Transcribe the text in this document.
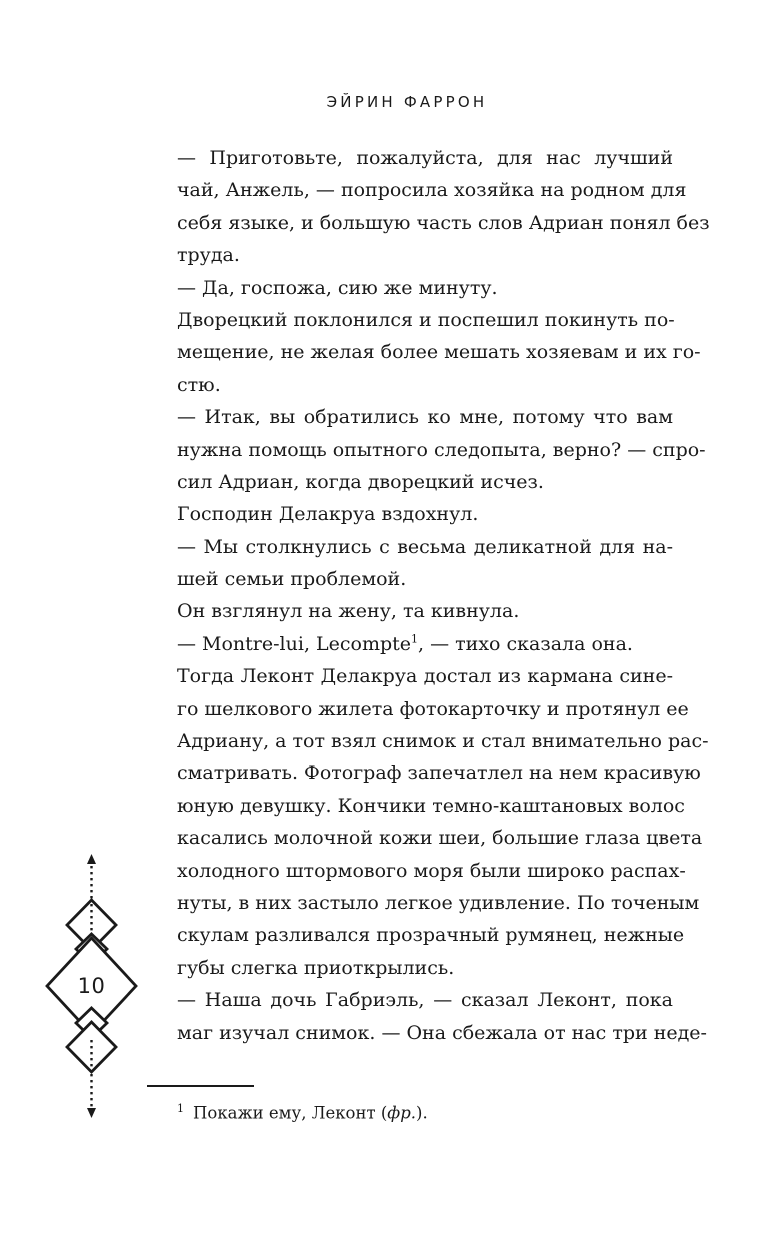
ЭЙРИН ФАРРОН
— Приготовьте, пожалуйста, для нас лучший
чай, Анжель, — попросила хозяйка на родном для
себя языке, и большую часть слов Адриан понял без
труда.
— Да, госпожа, сию же минуту.
Дворецкий поклонился и поспешил покинуть по-
мещение, не желая более мешать хозяевам и их го-
стю.
— Итак, вы обратились ко мне, потому что вам
нужна помощь опытного следопыта, верно? — спро-
сил Адриан, когда дворецкий исчез.
Господин Делакруа вздохнул.
— Мы столкнулись с весьма деликатной для на-
шей семьи проблемой.
Он взглянул на жену, та кивнула.
— Montre-lui, Lecompte$^1$, — тихо сказала она.
Тогда Леконт Делакруа достал из кармана сине-
го шелкового жилета фотокарточку и протянул ее
Адриану, а тот взял снимок и стал внимательно рас-
сматривать. Фотограф запечатлел на нем красивую
юную девушку. Кончики темно-каштановых волос
касались молочной кожи шеи, большие глаза цвета
холодного штормового моря были широко распах-
нуты, в них застыло легкое удивление. По точеным
скулам разливался прозрачный румянец, нежные
губы слегка приоткрылись.
— Наша дочь Габриэль, — сказал Леконт, пока
маг изучал снимок. — Она сбежала от нас три неде-
$^1$ Покажи ему, Леконт (фр.).
10
